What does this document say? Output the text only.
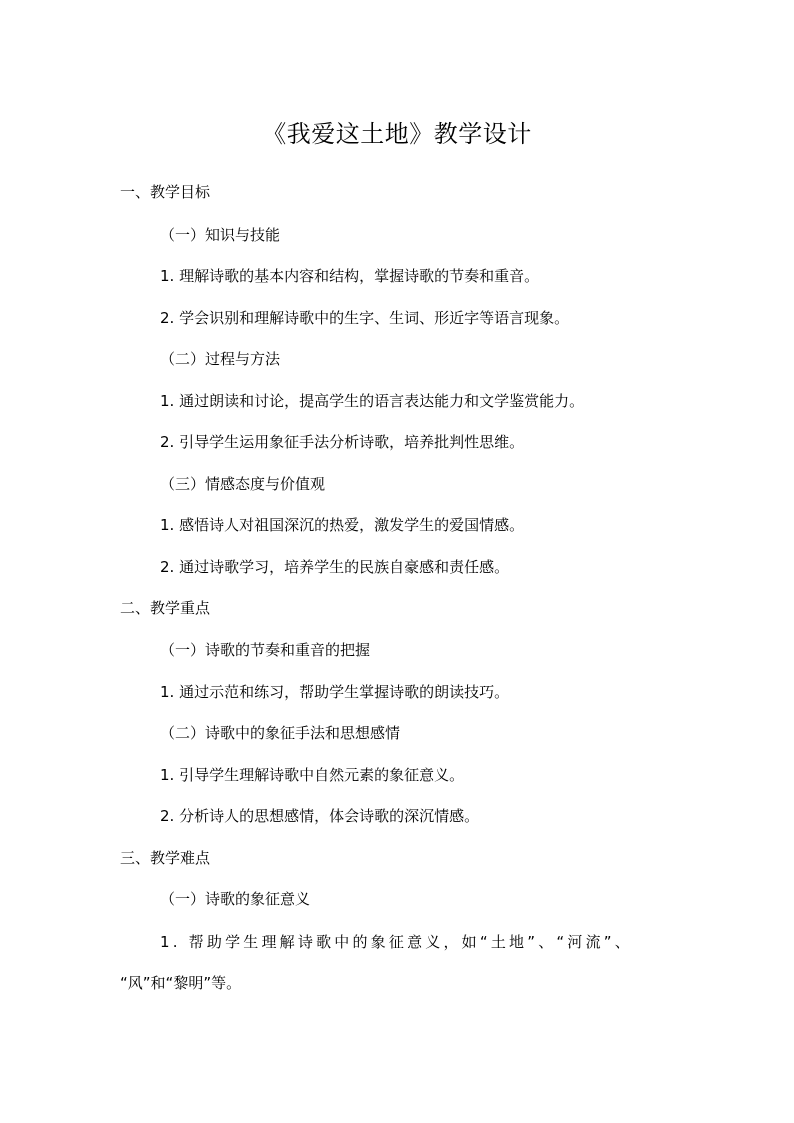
《我爱这土地》教学设计
一、教学目标
（一）知识与技能
1. 理解诗歌的基本内容和结构，掌握诗歌的节奏和重音。
2. 学会识别和理解诗歌中的生字、生词、形近字等语言现象。
（二）过程与方法
1. 通过朗读和讨论，提高学生的语言表达能力和文学鉴赏能力。
2. 引导学生运用象征手法分析诗歌，培养批判性思维。
（三）情感态度与价值观
1. 感悟诗人对祖国深沉的热爱，激发学生的爱国情感。
2. 通过诗歌学习，培养学生的民族自豪感和责任感。
二、教学重点
（一）诗歌的节奏和重音的把握
1. 通过示范和练习，帮助学生掌握诗歌的朗读技巧。
（二）诗歌中的象征手法和思想感情
1. 引导学生理解诗歌中自然元素的象征意义。
2. 分析诗人的思想感情，体会诗歌的深沉情感。
三、教学难点
（一）诗歌的象征意义
1. 帮助学生理解诗歌中的象征意义，如“土地”、“河流”、
“风”和“黎明”等。
